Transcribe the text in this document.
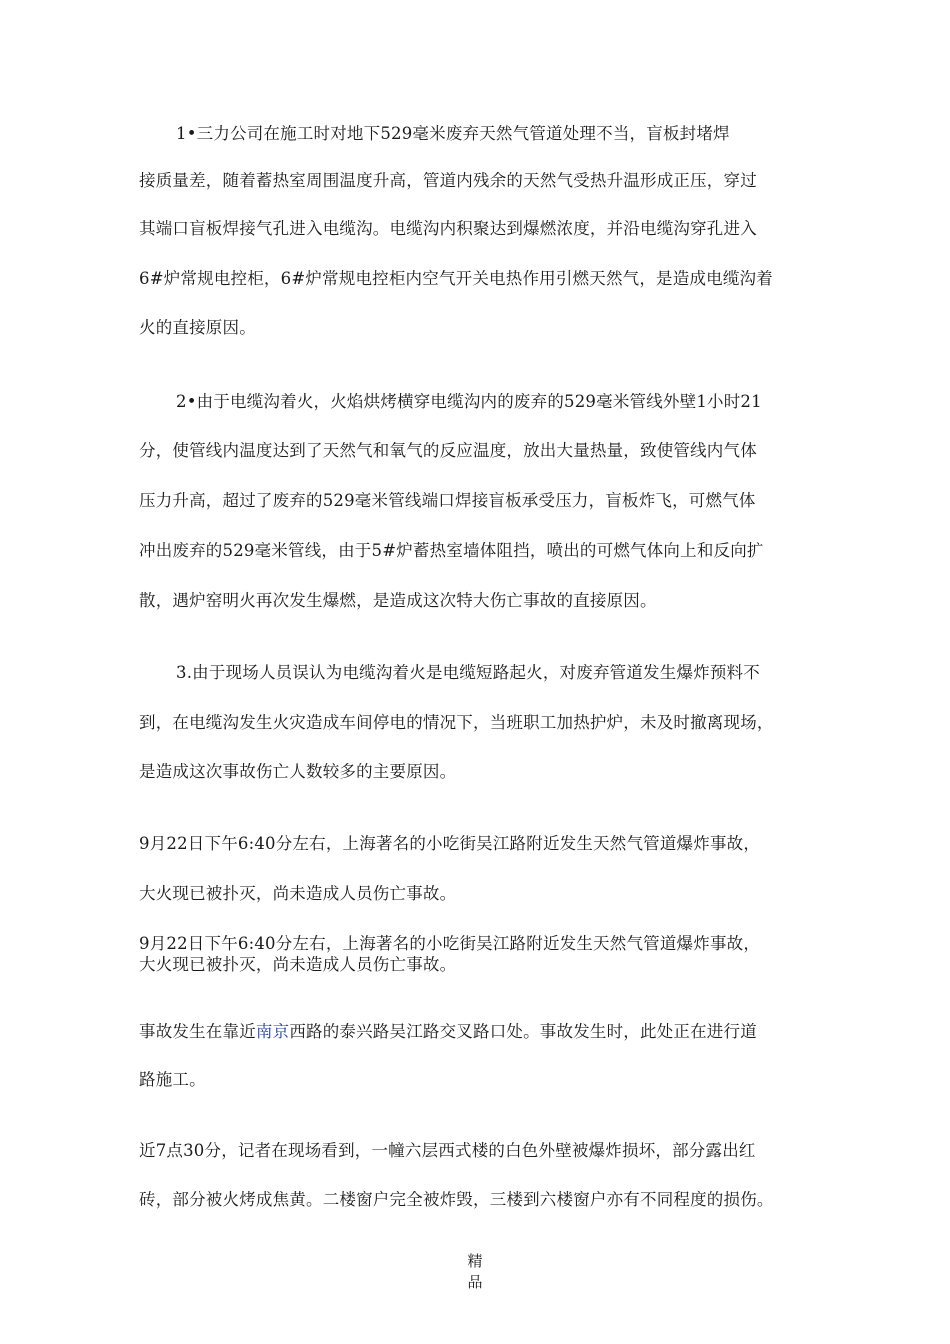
1•三力公司在施工时对地下529毫米废弃天然气管道处理不当，盲板封堵焊
接质量差，随着蓄热室周围温度升高，管道内残余的天然气受热升温形成正压，穿过
其端口盲板焊接气孔进入电缆沟。电缆沟内积聚达到爆燃浓度，并沿电缆沟穿孔进入
6#炉常规电控柜，6#炉常规电控柜内空气开关电热作用引燃天然气，是造成电缆沟着
火的直接原因。
2•由于电缆沟着火，火焰烘烤横穿电缆沟内的废弃的529毫米管线外壁1小时21
分，使管线内温度达到了天然气和氧气的反应温度，放出大量热量，致使管线内气体
压力升高，超过了废弃的529毫米管线端口焊接盲板承受压力，盲板炸飞，可燃气体
冲出废弃的529毫米管线，由于5#炉蓄热室墙体阻挡，喷出的可燃气体向上和反向扩
散，遇炉窑明火再次发生爆燃，是造成这次特大伤亡事故的直接原因。
3.由于现场人员误认为电缆沟着火是电缆短路起火，对废弃管道发生爆炸预料不
到，在电缆沟发生火灾造成车间停电的情况下，当班职工加热护炉，未及时撤离现场，
是造成这次事故伤亡人数较多的主要原因。
9月22日下午6:40分左右，上海著名的小吃街吴江路附近发生天然气管道爆炸事故，
大火现已被扑灭，尚未造成人员伤亡事故。
9月22日下午6:40分左右，上海著名的小吃街吴江路附近发生天然气管道爆炸事故，
大火现已被扑灭，尚未造成人员伤亡事故。
事故发生在靠近南京西路的泰兴路吴江路交叉路口处。事故发生时，此处正在进行道
路施工。
近7点30分，记者在现场看到，一幢六层西式楼的白色外壁被爆炸损坏，部分露出红
砖，部分被火烤成焦黄。二楼窗户完全被炸毁，三楼到六楼窗户亦有不同程度的损伤。
精
品
